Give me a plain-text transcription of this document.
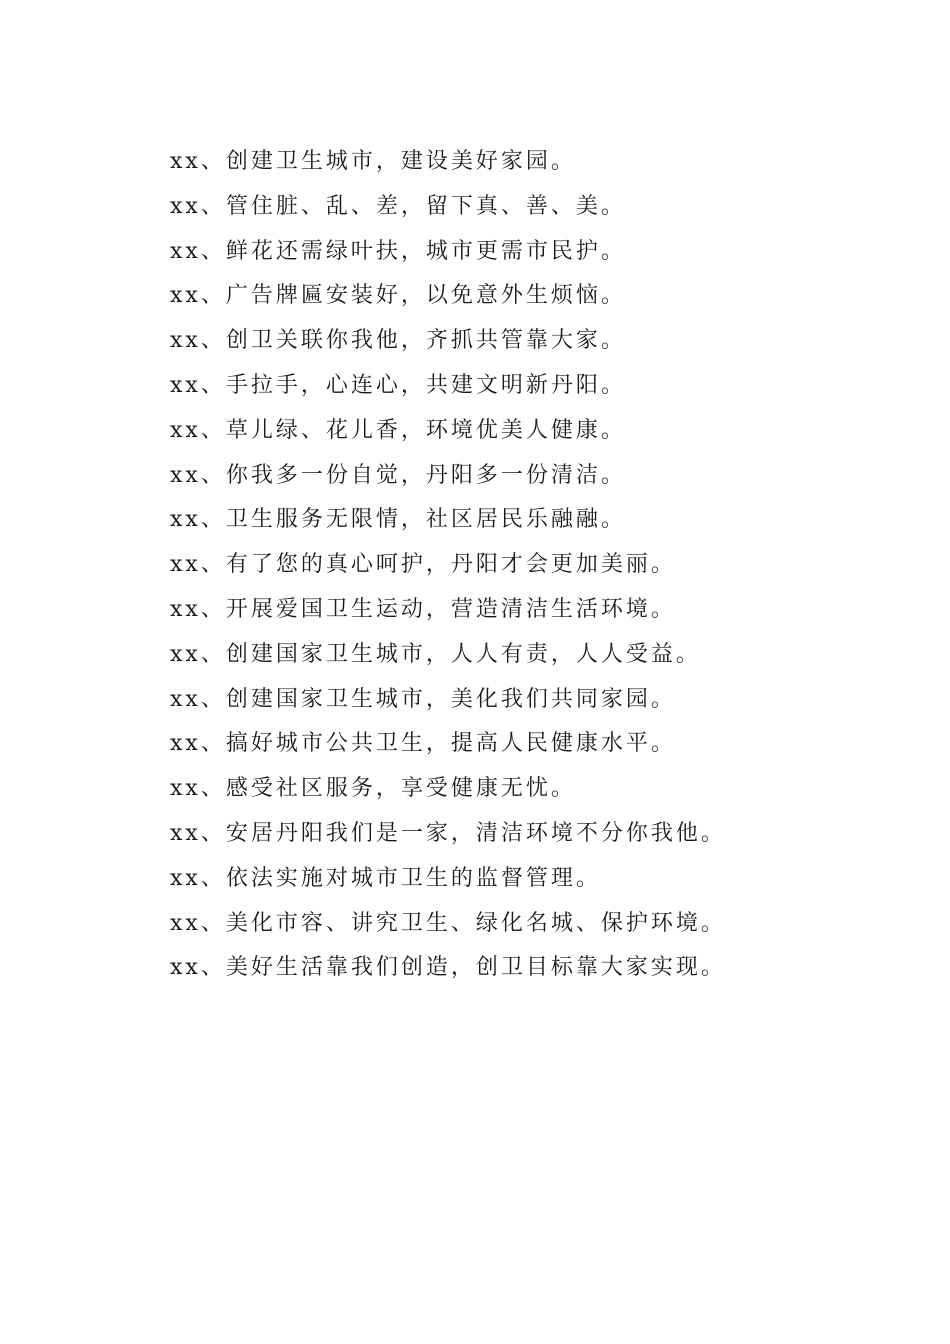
xx、创建卫生城市，建设美好家园。
xx、管住脏、乱、差，留下真、善、美。
xx、鲜花还需绿叶扶，城市更需市民护。
xx、广告牌匾安装好，以免意外生烦恼。
xx、创卫关联你我他，齐抓共管靠大家。
xx、手拉手，心连心，共建文明新丹阳。
xx、草儿绿、花儿香，环境优美人健康。
xx、你我多一份自觉，丹阳多一份清洁。
xx、卫生服务无限情，社区居民乐融融。
xx、有了您的真心呵护，丹阳才会更加美丽。
xx、开展爱国卫生运动，营造清洁生活环境。
xx、创建国家卫生城市，人人有责，人人受益。
xx、创建国家卫生城市，美化我们共同家园。
xx、搞好城市公共卫生，提高人民健康水平。
xx、感受社区服务，享受健康无忧。
xx、安居丹阳我们是一家，清洁环境不分你我他。
xx、依法实施对城市卫生的监督管理。
xx、美化市容、讲究卫生、绿化名城、保护环境。
xx、美好生活靠我们创造，创卫目标靠大家实现。
